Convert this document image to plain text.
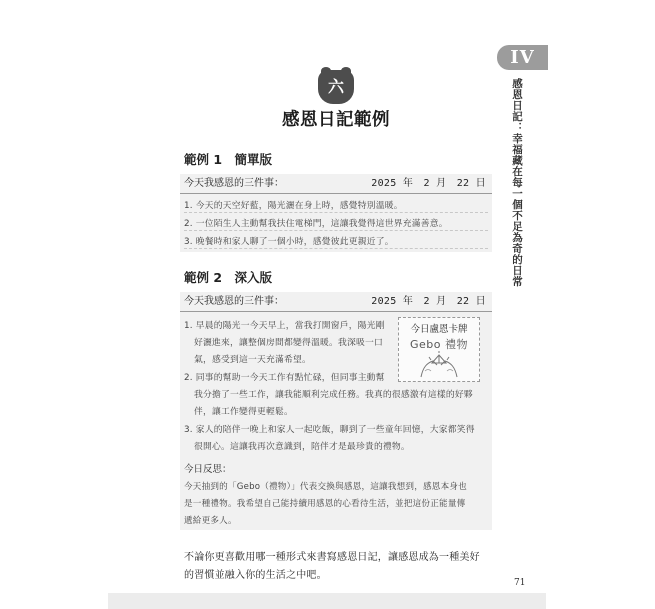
IV
感恩日記：幸福藏在每一個不足為奇的日常
六
感恩日記範例
範例 1　簡單版
今天我感恩的三件事：	2025 年　2 月　22 日
1. 今天的天空好藍，陽光灑在身上時，感覺特別溫暖。
2. 一位陌生人主動幫我扶住電梯門，這讓我覺得這世界充滿善意。
3. 晚餐時和家人聊了一個小時，感覺彼此更親近了。
範例 2　深入版
今天我感恩的三件事：	2025 年　2 月　22 日
1. 早晨的陽光一今天早上，當我打開窗戶，陽光剛
好灑進來，讓整個房間都變得溫暖。我深吸一口
氣，感受到這一天充滿希望。
2. 同事的幫助一今天工作有點忙碌，但同事主動幫
我分擔了一些工作，讓我能順利完成任務。我真的很感激有這樣的好夥
伴，讓工作變得更輕鬆。
3. 家人的陪伴一晚上和家人一起吃飯，聊到了一些童年回憶，大家都笑得
很開心。這讓我再次意識到，陪伴才是最珍貴的禮物。
今天抽到的「Gebo（禮物）」代表交換與感恩，這讓我想到，感恩本身也
是一種禮物。我希望自己能持續用感恩的心看待生活，並把這份正能量傳
遞給更多人。
今日盧恩卡牌
Gebo 禮物
今日反思：
不論你更喜歡用哪一種形式來書寫感恩日記，讓感恩成為一種美好
的習慣並融入你的生活之中吧。
71
